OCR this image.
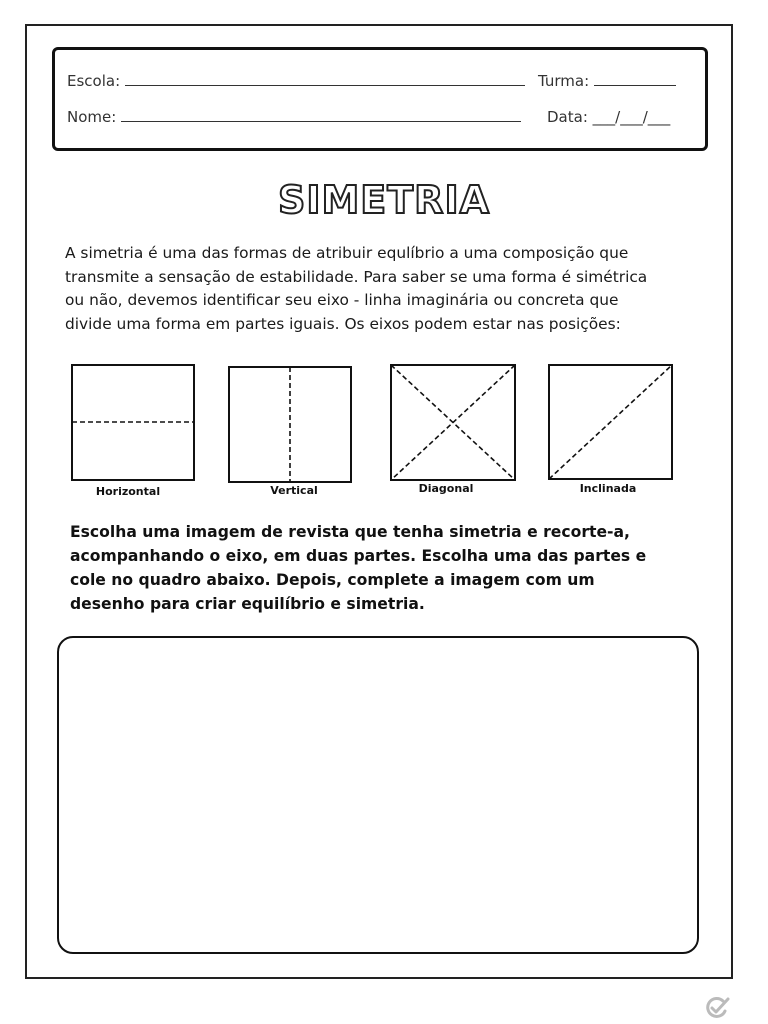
Escola:	Turma:
Nome:	Data: ___/___/___
SIMETRIA
A simetria é uma das formas de atribuir equlíbrio a uma composição que
transmite a sensação de estabilidade. Para saber se uma forma é simétrica
ou não, devemos identificar seu eixo - linha imaginária ou concreta que
divide uma forma em partes iguais. Os eixos podem estar nas posições:
Horizontal	Vertical	Diagonal	Inclinada
Escolha uma imagem de revista que tenha simetria e recorte-a,
acompanhando o eixo, em duas partes. Escolha uma das partes e
cole no quadro abaixo. Depois, complete a imagem com um
desenho para criar equilíbrio e simetria.
